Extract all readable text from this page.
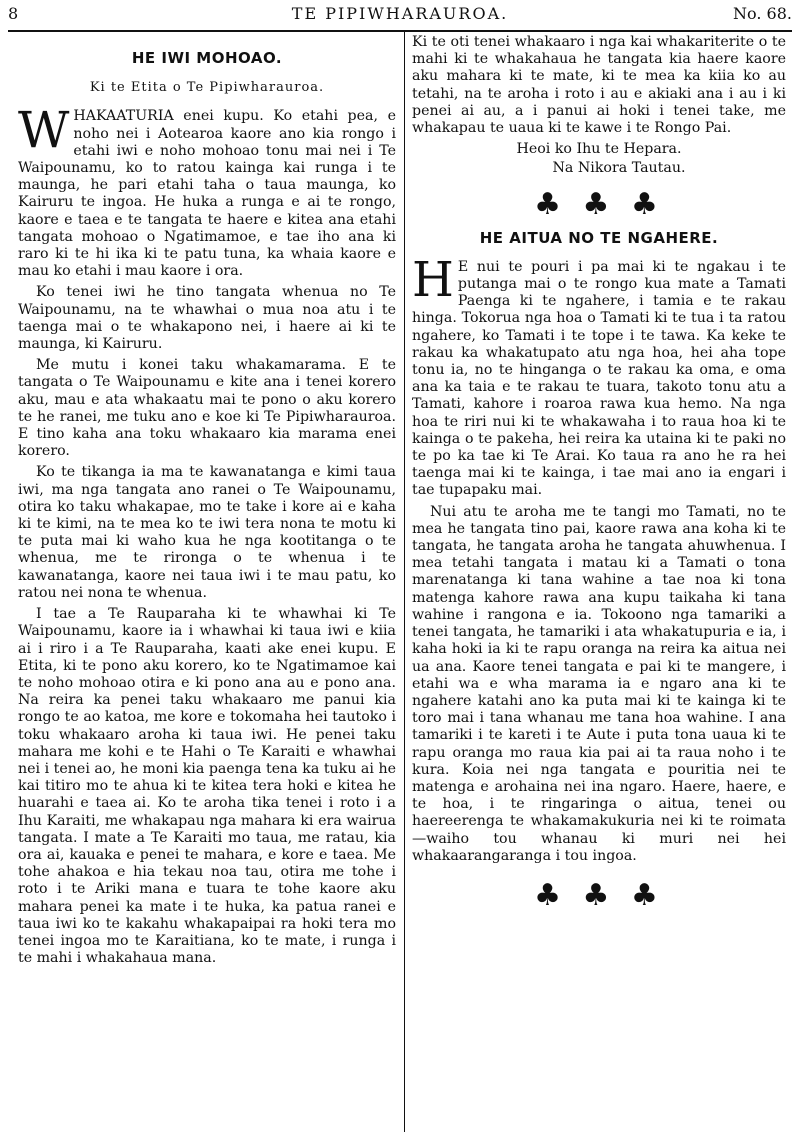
8	TE PIPIWHARAUROA.	No. 68.
HE IWI MOHOAO.
Ki te Etita o Te Pipiwharauroa.

WHAKAATURIA enei kupu. Ko etahi pea, e noho nei i Aotearoa kaore ano kia rongo i etahi iwi e noho mohoao tonu mai nei i Te Waipounamu, ko to ratou kainga kai runga i te maunga, he pari etahi taha o taua maunga, ko Kairuru te ingoa. He huka a runga e ai te rongo, kaore e taea e te tangata te haere e kitea ana etahi tangata mohoao o Ngatimamoe, e tae iho ana ki raro ki te hi ika ki te patu tuna, ka whaia kaore e mau ko etahi i mau kaore i ora.

Ko tenei iwi he tino tangata whenua no Te Waipounamu, na te whawhai o mua noa atu i te taenga mai o te whakapono nei, i haere ai ki te maunga, ki Kairuru.

Me mutu i konei taku whakamarama. E te tangata o Te Waipounamu e kite ana i tenei korero aku, mau e ata whakaatu mai te pono o aku korero te he ranei, me tuku ano e koe ki Te Pipiwharauroa. E tino kaha ana toku whakaaro kia marama enei korero.

Ko te tikanga ia ma te kawanatanga e kimi taua iwi, ma nga tangata ano ranei o Te Waipounamu, otira ko taku whakapae, mo te take i kore ai e kaha ki te kimi, na te mea ko te iwi tera nona te motu ki te puta mai ki waho kua he nga kootitanga o te whenua, me te rironga o te whenua i te kawanatanga, kaore nei taua iwi i te mau patu, ko ratou nei nona te whenua.

I tae a Te Rauparaha ki te whawhai ki Te Waipounamu, kaore ia i whawhai ki taua iwi e kiia ai i riro i a Te Rauparaha, kaati ake enei kupu. E Etita, ki te pono aku korero, ko te Ngatimamoe kai te noho mohoao otira e ki pono ana au e pono ana. Na reira ka penei taku whakaaro me panui kia rongo te ao katoa, me kore e tokomaha hei tautoko i toku whakaaro aroha ki taua iwi. He penei taku mahara me kohi e te Hahi o Te Karaiti e whawhai nei i tenei ao, he moni kia paenga tena ka tuku ai he kai titiro mo te ahua ki te kitea tera hoki e kitea he huarahi e taea ai. Ko te aroha tika tenei i roto i a Ihu Karaiti, me whakapau nga mahara ki era wairua tangata. I mate a Te Karaiti mo taua, me ratau, kia ora ai, kauaka e penei te mahara, e kore e taea. Me tohe ahakoa e hia tekau noa tau, otira me tohe i roto i te Ariki mana e tuara te tohe kaore aku mahara penei ka mate i te huka, ka patua ranei e taua iwi ko te kakahu whakapaipai ra hoki tera mo tenei ingoa mo te Karaitiana, ko te mate, i runga i te mahi i whakahaua mana.

Ki te oti tenei whakaaro i nga kai whakariterite o te mahi ki te whakahaua he tangata kia haere kaore aku mahara ki te mate, ki te mea ka kiia ko au tetahi, na te aroha i roto i au e akiaki ana i au i ki penei ai au, a i panui ai hoki i tenei take, me whakapau te uaua ki te kawe i te Rongo Pai.

Heoi ko Ihu te Hepara.
Na Nikora Tautau.
♣ ♣ ♣
HE AITUA NO TE NGAHERE.

H E nui te pouri i pa mai ki te ngakau i te putanga mai o te rongo kua mate a Tamati Paenga ki te ngahere, i tamia e te rakau hinga. Tokorua nga hoa o Tamati ki te tua i ta ratou ngahere, ko Tamati i te tope i te tawa. Ka keke te rakau ka whakatupato atu nga hoa, hei aha tope tonu ia, no te hinganga o te rakau ka oma, e oma ana ka taia e te rakau te tuara, takoto tonu atu a Tamati, kahore i roaroa rawa kua hemo. Na nga hoa te riri nui ki te whakawaha i to raua hoa ki te kainga o te pakeha, hei reira ka utaina ki te paki no te po ka tae ki Te Arai. Ko taua ra ano he ra hei taenga mai ki te kainga, i tae mai ano ia engari i tae tupapaku mai.

Nui atu te aroha me te tangi mo Tamati, no te mea he tangata tino pai, kaore rawa ana koha ki te tangata, he tangata aroha he tangata ahuwhenua. I mea tetahi tangata i matau ki a Tamati o tona marenatanga ki tana wahine a tae noa ki tona matenga kahore rawa ana kupu taikaha ki tana wahine i rangona e ia. Tokoono nga tamariki a tenei tangata, he tamariki i ata whakatupuria e ia, i kaha hoki ia ki te rapu oranga na reira ka aitua nei ua ana. Kaore tenei tangata e pai ki te mangere, i etahi wa e wha marama ia e ngaro ana ki te ngahere katahi ano ka puta mai ki te kainga ki te toro mai i tana whanau me tana hoa wahine. I ana tamariki i te kareti i te Aute i puta tona uaua ki te rapu oranga mo raua kia pai ai ta raua noho i te kura. Koia nei nga tangata e pouritia nei te matenga e arohaina nei ina ngaro. Haere, haere, e te hoa, i te ringaringa o aitua, tenei ou haereerenga te whakamakukuria nei ki te roimata—waiho tou whanau ki muri nei hei whakaarangaranga i tou ingoa.

♣ ♣ ♣
